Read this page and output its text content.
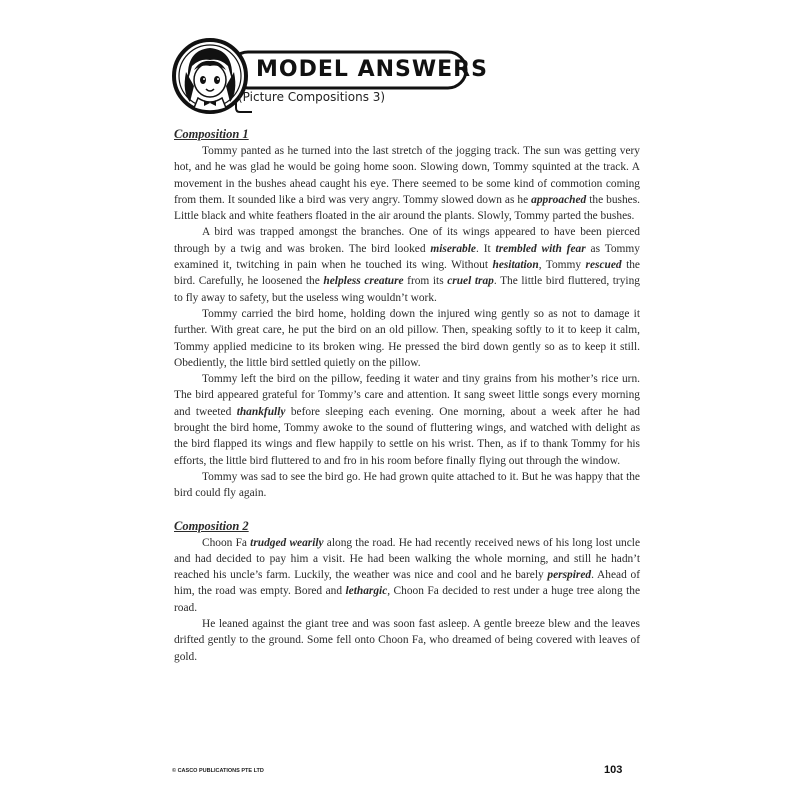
MODEL ANSWERS
(Picture Compositions 3)
Composition 1

Tommy panted as he turned into the last stretch of the jogging track. The sun was getting very hot, and he was glad he would be going home soon. Slowing down, Tommy squinted at the track. A movement in the bushes ahead caught his eye. There seemed to be some kind of commotion coming from them. It sounded like a bird was very angry. Tommy slowed down as he approached the bushes. Little black and white feathers floated in the air around the plants. Slowly, Tommy parted the bushes.

A bird was trapped amongst the branches. One of its wings appeared to have been pierced through by a twig and was broken. The bird looked miserable. It trembled with fear as Tommy examined it, twitching in pain when he touched its wing. Without hesitation, Tommy rescued the bird. Carefully, he loosened the helpless creature from its cruel trap. The little bird fluttered, trying to fly away to safety, but the useless wing wouldn’t work.

Tommy carried the bird home, holding down the injured wing gently so as not to damage it further. With great care, he put the bird on an old pillow. Then, speaking softly to it to keep it calm, Tommy applied medicine to its broken wing. He pressed the bird down gently so as to keep it still. Obediently, the little bird settled quietly on the pillow.

Tommy left the bird on the pillow, feeding it water and tiny grains from his mother’s rice urn. The bird appeared grateful for Tommy’s care and attention. It sang sweet little songs every morning and tweeted thankfully before sleeping each evening. One morning, about a week after he had brought the bird home, Tommy awoke to the sound of fluttering wings, and watched with delight as the bird flapped its wings and flew happily to settle on his wrist. Then, as if to thank Tommy for his efforts, the little bird fluttered to and fro in his room before finally flying out through the window.

Tommy was sad to see the bird go. He had grown quite attached to it. But he was happy that the bird could fly again.

Composition 2

Choon Fa trudged wearily along the road. He had recently received news of his long lost uncle and had decided to pay him a visit. He had been walking the whole morning, and still he hadn’t reached his uncle’s farm. Luckily, the weather was nice and cool and he barely perspired. Ahead of him, the road was empty. Bored and lethargic, Choon Fa decided to rest under a huge tree along the road.

He leaned against the giant tree and was soon fast asleep. A gentle breeze blew and the leaves drifted gently to the ground. Some fell onto Choon Fa, who dreamed of being covered with leaves of gold.

© CASCO PUBLICATIONS PTE LTD	103
